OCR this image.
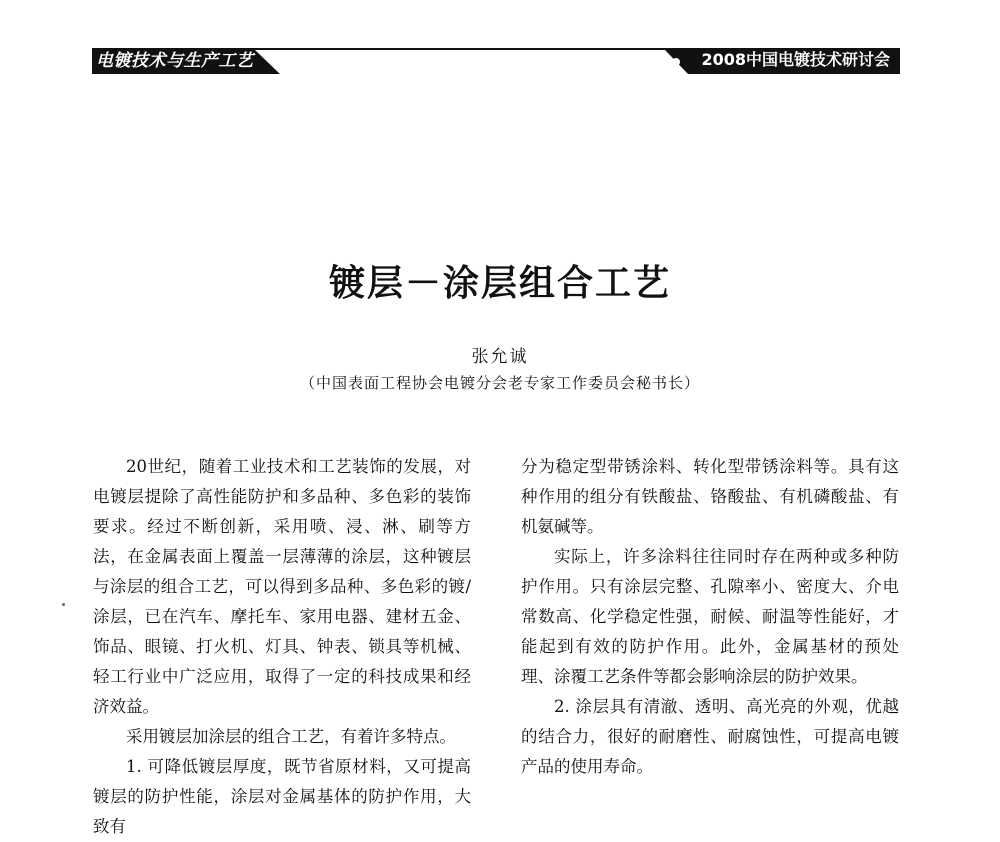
电镀技术与生产工艺	2008中国电镀技术研讨会
镀层－涂层组合工艺
张允诚
（中国表面工程协会电镀分会老专家工作委员会秘书长）

20世纪，随着工业技术和工艺装饰的发展，对电镀层提除了高性能防护和多品种、多色彩的装饰要求。经过不断创新，采用喷、浸、淋、刷等方法，在金属表面上覆盖一层薄薄的涂层，这种镀层与涂层的组合工艺，可以得到多品种、多色彩的镀/涂层，已在汽车、摩托车、家用电器、建材五金、饰品、眼镜、打火机、灯具、钟表、锁具等机械、轻工行业中广泛应用，取得了一定的科技成果和经济效益。

采用镀层加涂层的组合工艺，有着许多特点。

1. 可降低镀层厚度，既节省原材料，又可提高镀层的防护性能，涂层对金属基体的防护作用，大致有

分为稳定型带锈涂料、转化型带锈涂料等。具有这种作用的组分有铁酸盐、铬酸盐、有机磷酸盐、有机氨碱等。

实际上，许多涂料往往同时存在两种或多种防护作用。只有涂层完整、孔隙率小、密度大、介电常数高、化学稳定性强，耐候、耐温等性能好，才能起到有效的防护作用。此外，金属基材的预处理、涂覆工艺条件等都会影响涂层的防护效果。

2. 涂层具有清澈、透明、高光亮的外观，优越的结合力，很好的耐磨性、耐腐蚀性，可提高电镀产品的使用寿命。
